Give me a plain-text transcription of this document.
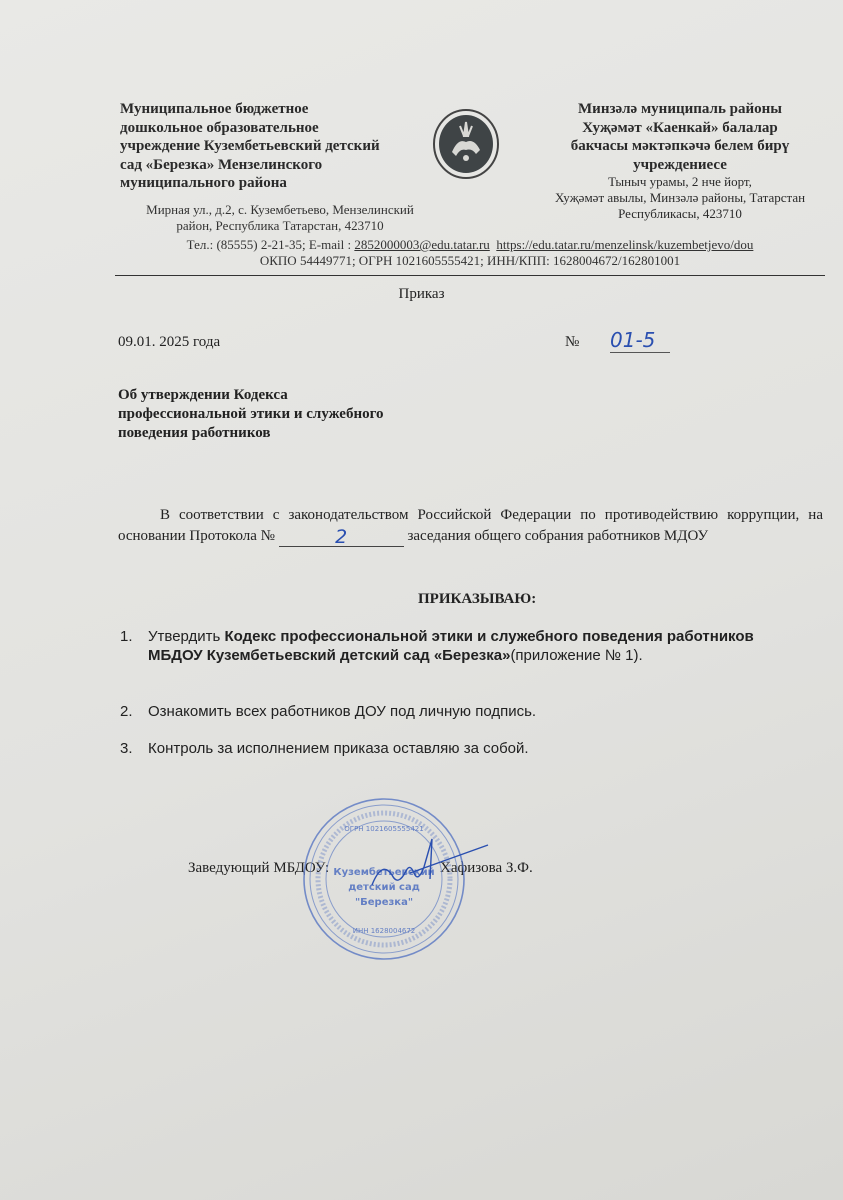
Муниципальное бюджетное
дошкольное образовательное
учреждение Кузембетьевский детский
сад «Березка» Мензелинского
муниципального района
Мирная ул., д.2, с. Кузембетьево, Мензелинский
район, Республика Татарстан, 423710
Минзәлә муниципаль районы
Хуҗәмәт «Каенкай» балалар
бакчасы мәктәпкәчә белем бирү
учреждениесе
Тыныч урамы, 2 нче йорт,
Хуҗәмәт авылы, Минзәлә районы, Татарстан
Республикасы, 423710
Тел.: (85555) 2-21-35; E-mail : 2852000003@edu.tatar.ru https://edu.tatar.ru/menzelinsk/kuzembetjevo/dou
ОКПО 54449771; ОГРН 1021605555421; ИНН/КПП: 1628004672/162801001
Приказ
09.01. 2025 года	№ 01-5
Об утверждении Кодекса
профессиональной этики и служебного
поведения работников
В соответствии с законодательством Российской Федерации по противодействию коррупции, на основании Протокола №	2	заседания общего собрания работников МДОУ
ПРИКАЗЫВАЮ:
1. Утвердить Кодекс профессиональной этики и служебного поведения работников МБДОУ Кузембетьевский детский сад «Березка»(приложение № 1).
2. Ознакомить всех работников ДОУ под личную подпись.
3. Контроль за исполнением приказа оставляю за собой.
Заведующий МБДОУ:	Хафизова З.Ф.
ОГРН 1021605555421
Кузембетьевский
детский сад
"Березка"
ИНН 1628004672
